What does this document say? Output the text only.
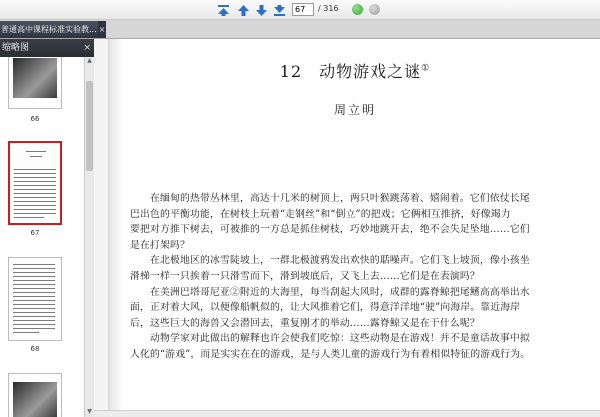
67
/ 316
普通高中课程标准实验教... ×
缩略图	×
66
67
68
▲
▼
12　动物游戏之谜①
周立明
在缅甸的热带丛林里，高达十几米的树顶上，两只叶猴跳荡着、嬉闹着。它们依仗长尾
巴出色的平衡功能，在树枝上玩着“走钢丝”和“倒立”的把戏；它俩相互推挤，好像竭力
要把对方推下树去，可被推的一方总是抓住树枝，巧妙地跳开去，绝不会失足坠地……它们
是在打架吗？
在北极地区的冰雪陡坡上，一群北极渡鸦发出欢快的聒噪声。它们飞上坡顶，像小孩坐
滑梯一样一只挨着一只滑雪而下，滑到坡底后，又飞上去……它们是在表演吗？
在美洲巴塔哥尼亚②附近的大海里，每当刮起大风时，成群的露脊鲸把尾鳍高高举出水
面，正对着大风，以便像船帆似的，让大风推着它们，得意洋洋地“驶”向海岸。靠近海岸
后，这些巨大的海兽又会潜回去，重复刚才的举动……露脊鲸又是在干什么呢？
动物学家对此做出的解释也许会使我们吃惊：这些动物是在游戏！并不是童话故事中拟
人化的“游戏”，而是实实在在的游戏，是与人类儿童的游戏行为有着相似特征的游戏行为。
